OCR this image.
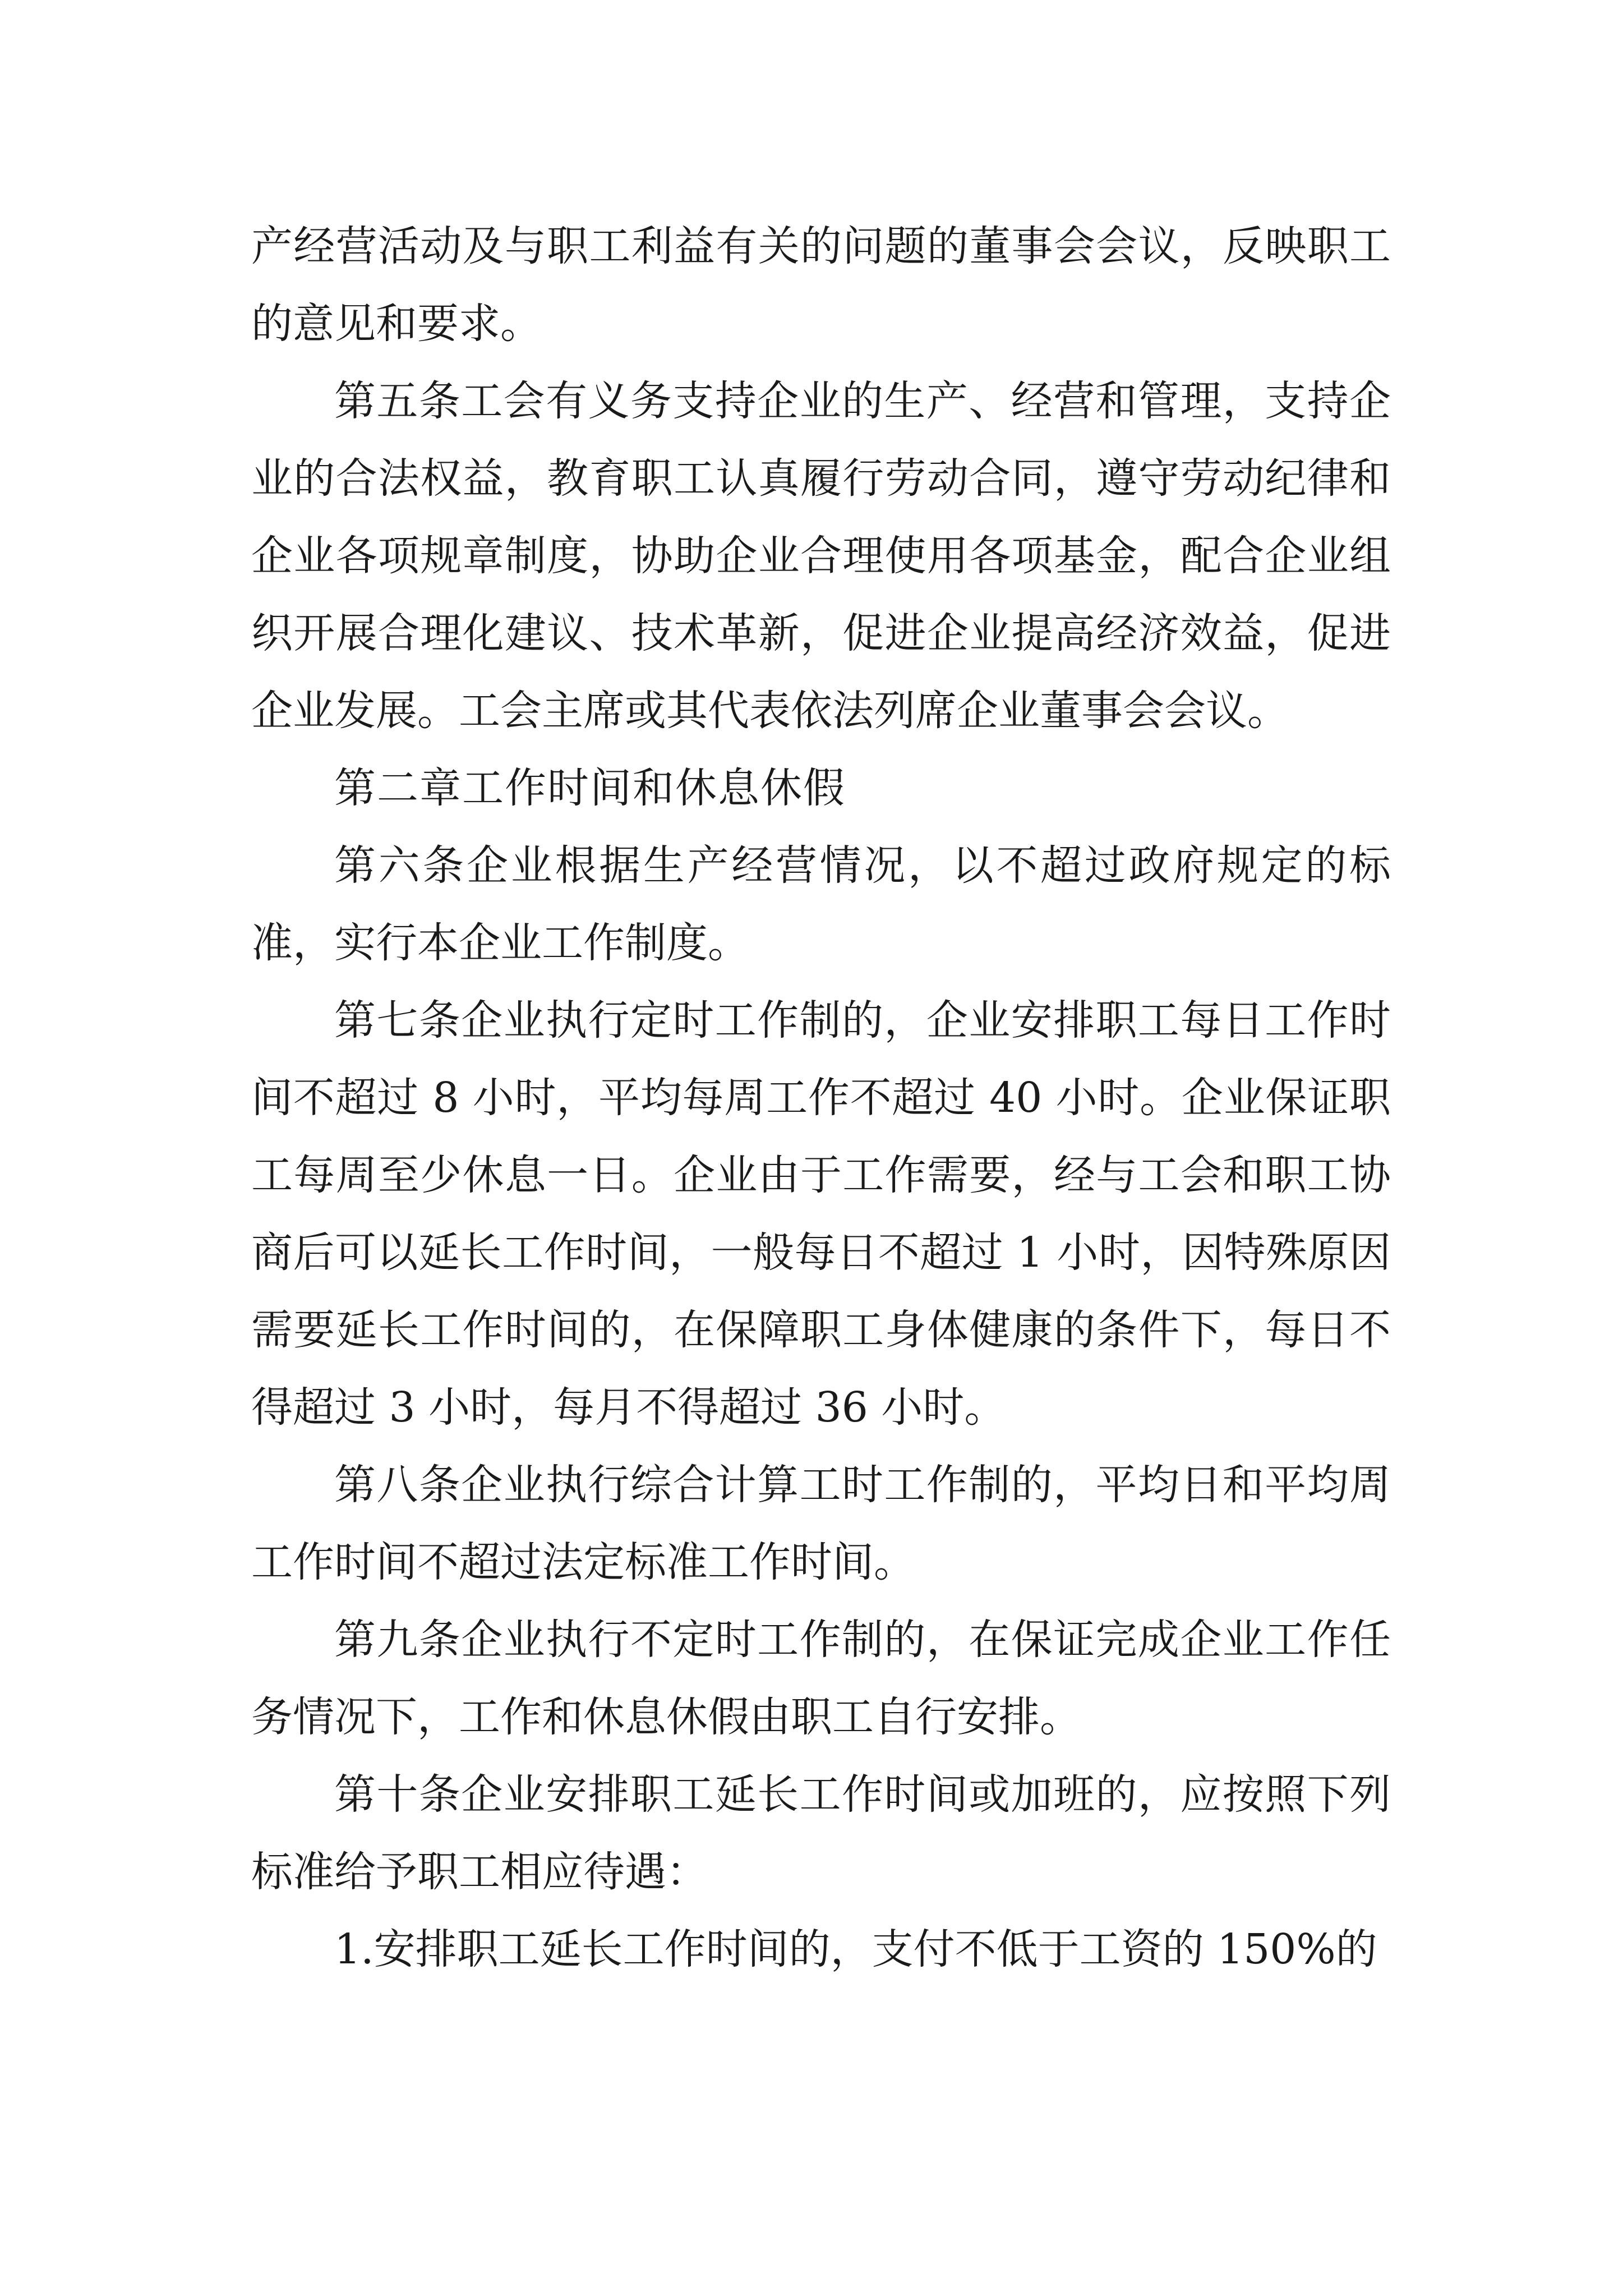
产经营活动及与职工利益有关的问题的董事会会议，反映职工的意见和要求。

第五条工会有义务支持企业的生产、经营和管理，支持企业的合法权益，教育职工认真履行劳动合同，遵守劳动纪律和企业各项规章制度，协助企业合理使用各项基金，配合企业组织开展合理化建议、技术革新，促进企业提高经济效益，促进企业发展。工会主席或其代表依法列席企业董事会会议。

第二章工作时间和休息休假

第六条企业根据生产经营情况，以不超过政府规定的标准，实行本企业工作制度。

第七条企业执行定时工作制的，企业安排职工每日工作时间不超过 8 小时，平均每周工作不超过 40 小时。企业保证职工每周至少休息一日。企业由于工作需要，经与工会和职工协商后可以延长工作时间，一般每日不超过 1 小时，因特殊原因需要延长工作时间的，在保障职工身体健康的条件下，每日不得超过 3 小时，每月不得超过 36 小时。

第八条企业执行综合计算工时工作制的，平均日和平均周工作时间不超过法定标准工作时间。

第九条企业执行不定时工作制的，在保证完成企业工作任务情况下，工作和休息休假由职工自行安排。

第十条企业安排职工延长工作时间或加班的，应按照下列标准给予职工相应待遇：

1.安排职工延长工作时间的，支付不低于工资的 150%的
